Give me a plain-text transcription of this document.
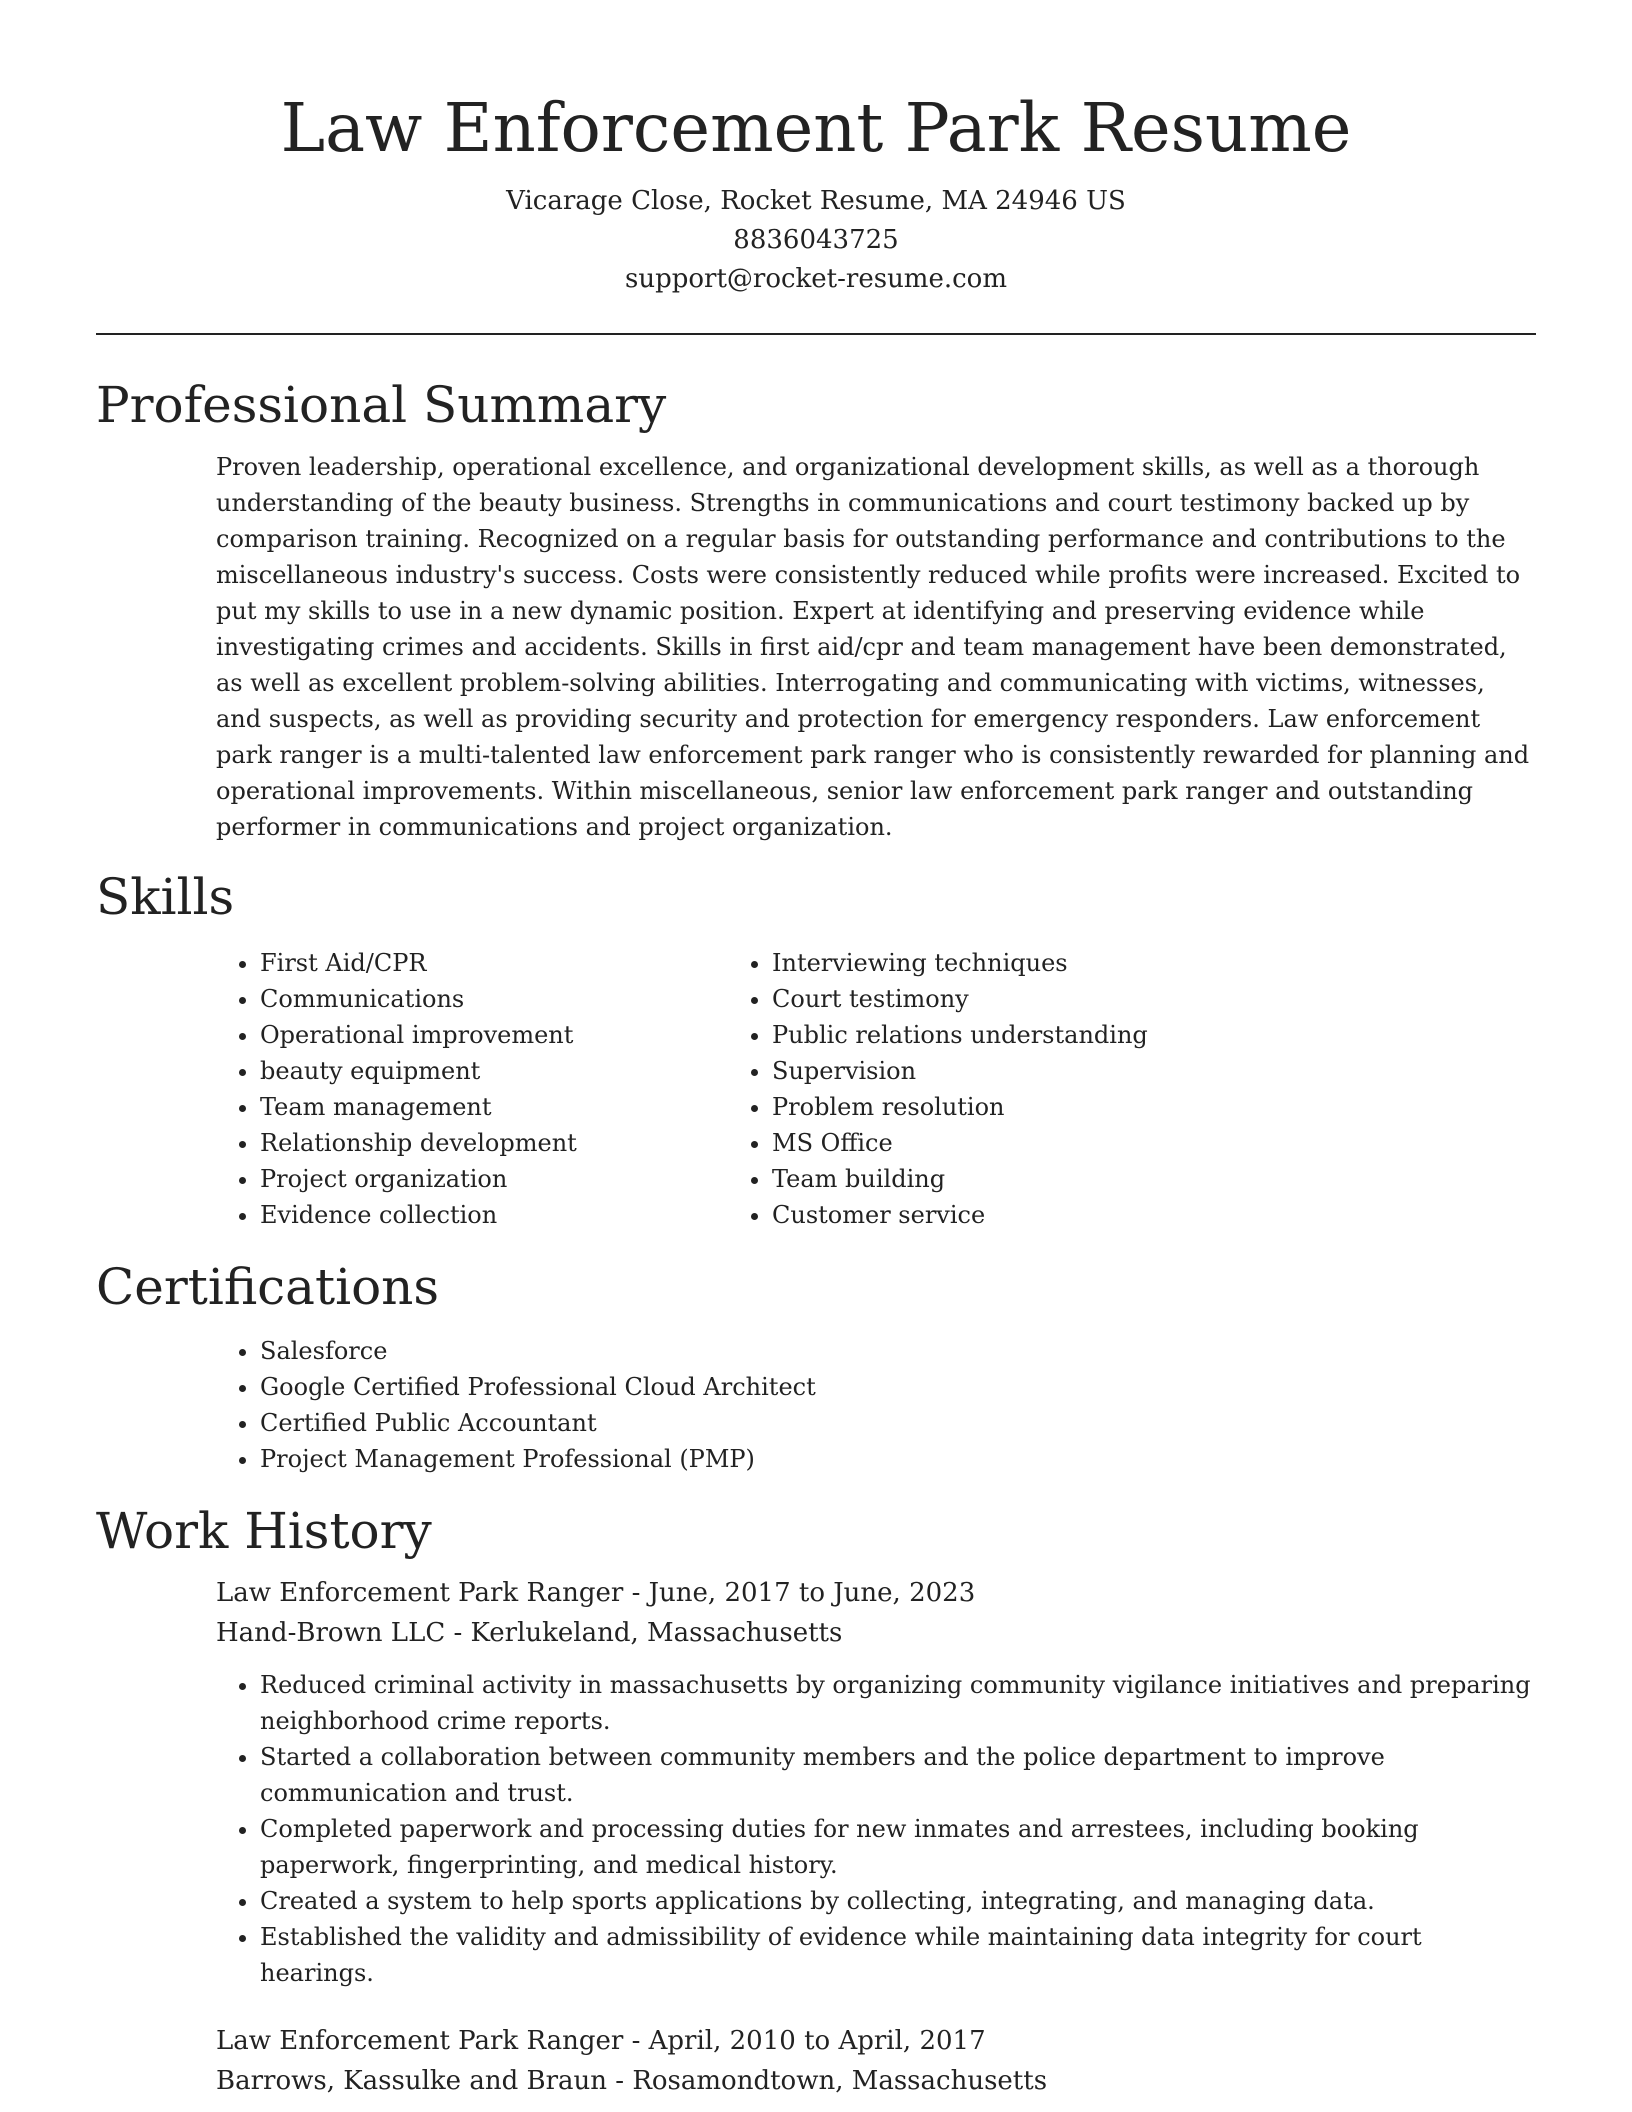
Law Enforcement Park Resume
Vicarage Close, Rocket Resume, MA 24946 US
8836043725
support@rocket-resume.com
Professional Summary

Proven leadership, operational excellence, and organizational development skills, as well as a thorough understanding of the beauty business. Strengths in communications and court testimony backed up by comparison training. Recognized on a regular basis for outstanding performance and contributions to the miscellaneous industry's success. Costs were consistently reduced while profits were increased. Excited to put my skills to use in a new dynamic position. Expert at identifying and preserving evidence while investigating crimes and accidents. Skills in first aid/cpr and team management have been demonstrated, as well as excellent problem-solving abilities. Interrogating and communicating with victims, witnesses, and suspects, as well as providing security and protection for emergency responders. Law enforcement park ranger is a multi-talented law enforcement park ranger who is consistently rewarded for planning and operational improvements. Within miscellaneous, senior law enforcement park ranger and outstanding performer in communications and project organization.

Skills
• First Aid/CPR
• Communications
• Operational improvement
• beauty equipment
• Team management
• Relationship development
• Project organization
• Evidence collection
• Interviewing techniques
• Court testimony
• Public relations understanding
• Supervision
• Problem resolution
• MS Office
• Team building
• Customer service
Certifications
• Salesforce
• Google Certified Professional Cloud Architect
• Certified Public Accountant
• Project Management Professional (PMP)
Work History
Law Enforcement Park Ranger - June, 2017 to June, 2023
Hand-Brown LLC - Kerlukeland, Massachusetts
• Reduced criminal activity in massachusetts by organizing community vigilance initiatives and preparing neighborhood crime reports.
• Started a collaboration between community members and the police department to improve communication and trust.
• Completed paperwork and processing duties for new inmates and arrestees, including booking paperwork, fingerprinting, and medical history.
• Created a system to help sports applications by collecting, integrating, and managing data.
• Established the validity and admissibility of evidence while maintaining data integrity for court hearings.
Law Enforcement Park Ranger - April, 2010 to April, 2017
Barrows, Kassulke and Braun - Rosamondtown, Massachusetts
